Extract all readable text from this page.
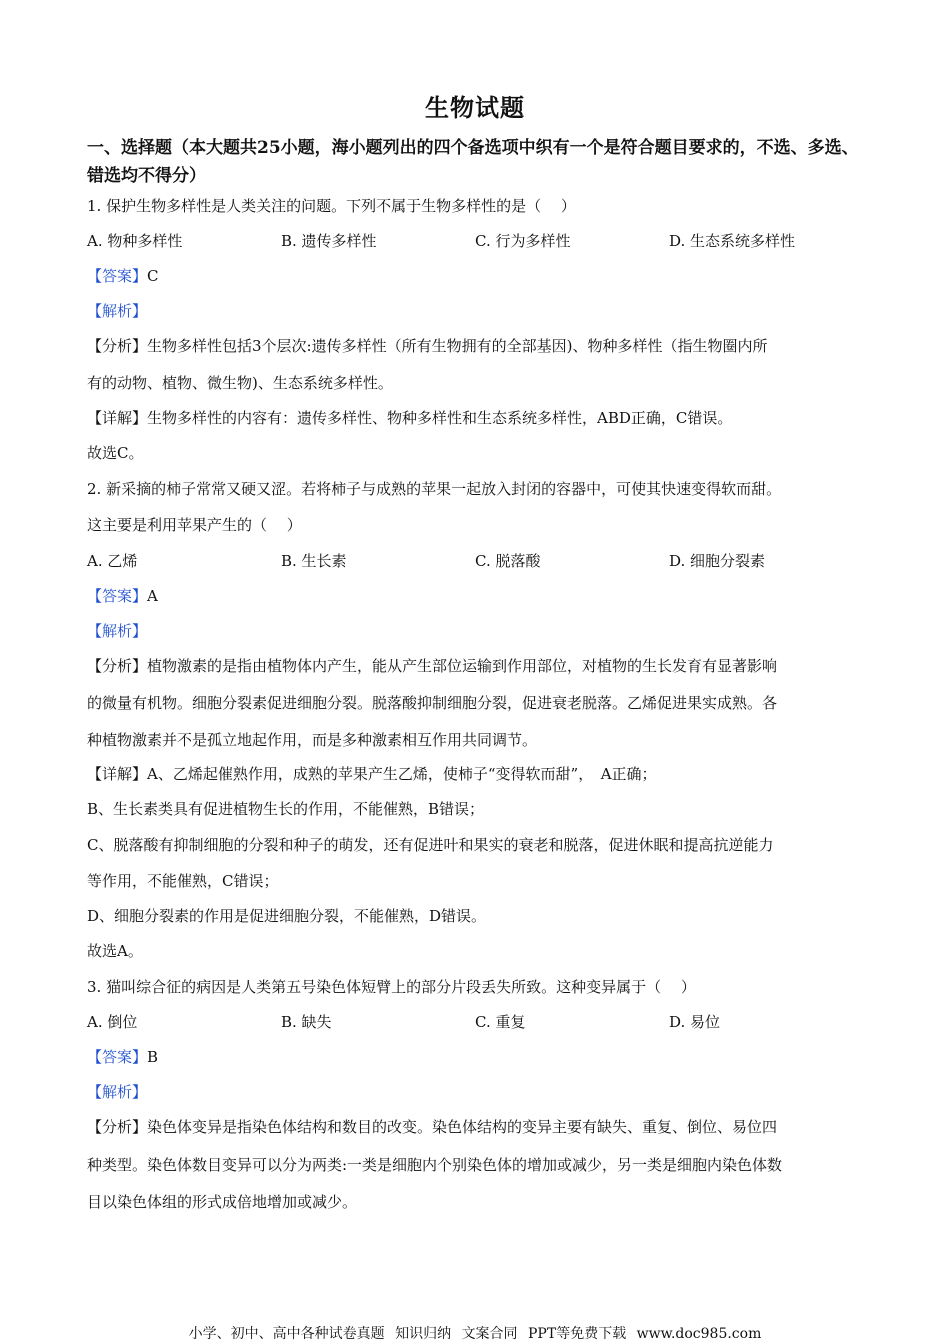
生物试题
一、选择题（本大题共25小题，海小题列出的四个备选项中织有一个是符合题目要求的，不选、多选、错选均不得分）
1. 保护生物多样性是人类关注的问题。下列不属于生物多样性的是（　 ）
A. 物种多样性	B. 遗传多样性	C. 行为多样性	D. 生态系统多样性
【答案】C
【解析】
【分析】生物多样性包括3个层次:遗传多样性（所有生物拥有的全部基因)、物种多样性（指生物圈内所
有的动物、植物、微生物)、生态系统多样性。
【详解】生物多样性的内容有：遗传多样性、物种多样性和生态系统多样性，ABD正确，C错误。
故选C。
2. 新采摘的柿子常常又硬又涩。若将柿子与成熟的苹果一起放入封闭的容器中，可使其快速变得软而甜。
这主要是利用苹果产生的（　 ）
A. 乙烯	B. 生长素	C. 脱落酸	D. 细胞分裂素
【答案】A
【解析】
【分析】植物激素的是指由植物体内产生，能从产生部位运输到作用部位，对植物的生长发育有显著影响
的微量有机物。细胞分裂素促进细胞分裂。脱落酸抑制细胞分裂，促进衰老脱落。乙烯促进果实成熟。各
种植物激素并不是孤立地起作用，而是多种激素相互作用共同调节。
【详解】A、乙烯起催熟作用，成熟的苹果产生乙烯，使柿子“变得软而甜”，　A正确；
B、生长素类具有促进植物生长的作用，不能催熟，B错误；
C、脱落酸有抑制细胞的分裂和种子的萌发，还有促进叶和果实的衰老和脱落，促进休眠和提高抗逆能力
等作用，不能催熟，C错误；
D、细胞分裂素的作用是促进细胞分裂，不能催熟，D错误。
故选A。
3. 猫叫综合征的病因是人类第五号染色体短臂上的部分片段丢失所致。这种变异属于（　 ）
A. 倒位	B. 缺失	C. 重复	D. 易位
【答案】B
【解析】
【分析】染色体变异是指染色体结构和数目的改变。染色体结构的变异主要有缺失、重复、倒位、易位四
种类型。染色体数目变异可以分为两类:一类是细胞内个别染色体的增加或减少，另一类是细胞内染色体数
目以染色体组的形式成倍地增加或减少。
小学、初中、高中各种试卷真题 知识归纳 文案合同 PPT等免费下载 www.doc985.com
